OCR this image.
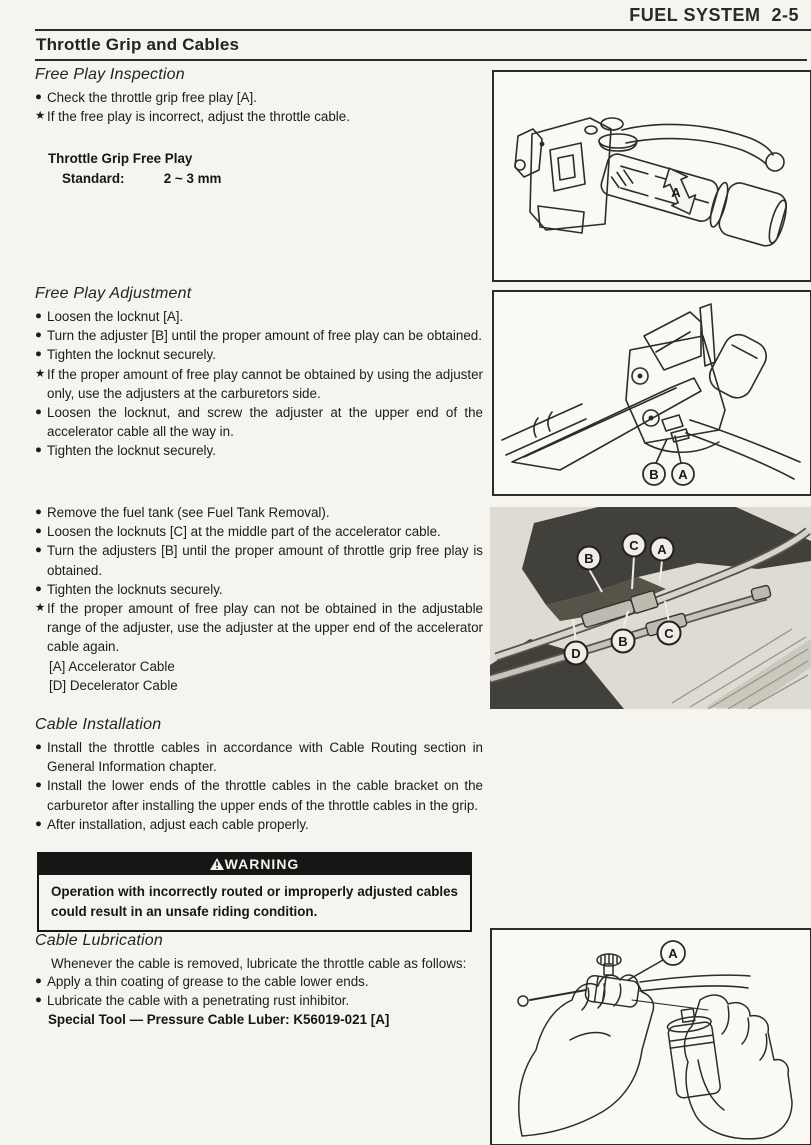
FUEL SYSTEM  2-5
Throttle Grip and Cables
Free Play Inspection
● Check the throttle grip free play [A].
★ If the free play is incorrect, adjust the throttle cable.
Throttle Grip Free Play
Standard:	2 ~ 3 mm
Free Play Adjustment
● Loosen the locknut [A].
● Turn the adjuster [B] until the proper amount of free play can be obtained.
● Tighten the locknut securely.
★ If the proper amount of free play cannot be obtained by using the adjuster only, use the adjusters at the carburetors side.
● Loosen the locknut, and screw the adjuster at the upper end of the accelerator cable all the way in.
● Tighten the locknut securely.
● Remove the fuel tank (see Fuel Tank Removal).
● Loosen the locknuts [C] at the middle part of the accelerator cable.
● Turn the adjusters [B] until the proper amount of throttle grip free play is obtained.
● Tighten the locknuts securely.
★ If the proper amount of free play can not be obtained in the adjustable range of the adjuster, use the adjuster at the upper end of the accelerator cable again.
[A] Accelerator Cable
[D] Decelerator Cable
Cable Installation
● Install the throttle cables in accordance with Cable Routing section in General Information chapter.
● Install the lower ends of the throttle cables in the cable bracket on the carburetor after installing the upper ends of the throttle cables in the grip.
● After installation, adjust each cable properly.
WARNING
Operation with incorrectly routed or improperly adjusted cables could result in an unsafe riding condition.
Cable Lubrication
Whenever the cable is removed, lubricate the throttle cable as follows:
● Apply a thin coating of grease to the cable lower ends.
● Lubricate the cable with a penetrating rust inhibitor.
Special Tool — Pressure Cable Luber: K56019-021 [A]
A
B A
B
C A
D
B
C
A
